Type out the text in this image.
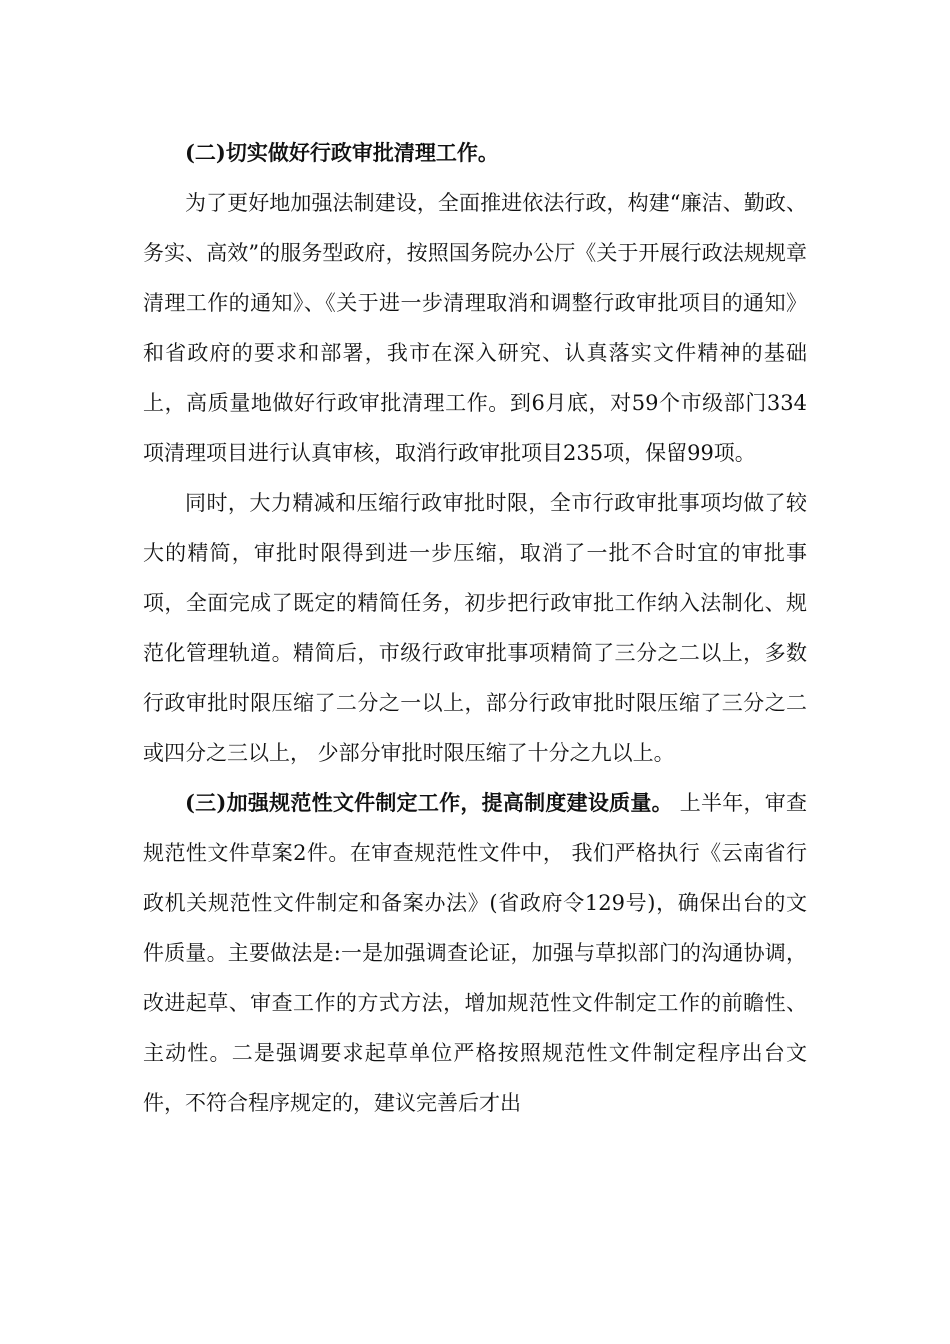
(二)切实做好行政审批清理工作。

为了更好地加强法制建设，全面推进依法行政，构建“廉洁、勤政、务实、高效”的服务型政府，按照国务院办公厅《关于开展行政法规规章清理工作的通知》、《关于进一步清理取消和调整行政审批项目的通知》和省政府的要求和部署，我市在深入研究、认真落实文件精神的基础上，高质量地做好行政审批清理工作。到6月底，对59个市级部门334项清理项目进行认真审核，取消行政审批项目235项，保留99项。

同时，大力精减和压缩行政审批时限，全市行政审批事项均做了较大的精简，审批时限得到进一步压缩，取消了一批不合时宜的审批事项，全面完成了既定的精简任务，初步把行政审批工作纳入法制化、规范化管理轨道。精简后，市级行政审批事项精简了三分之二以上，多数行政审批时限压缩了二分之一以上，部分行政审批时限压缩了三分之二或四分之三以上， 少部分审批时限压缩了十分之九以上。

(三)加强规范性文件制定工作，提高制度建设质量。 上半年，审查规范性文件草案2件。在审查规范性文件中， 我们严格执行《云南省行政机关规范性文件制定和备案办法》(省政府令129号)，确保出台的文件质量。主要做法是:一是加强调查论证，加强与草拟部门的沟通协调，改进起草、审查工作的方式方法，增加规范性文件制定工作的前瞻性、主动性。二是强调要求起草单位严格按照规范性文件制定程序出台文件，不符合程序规定的，建议完善后才出
